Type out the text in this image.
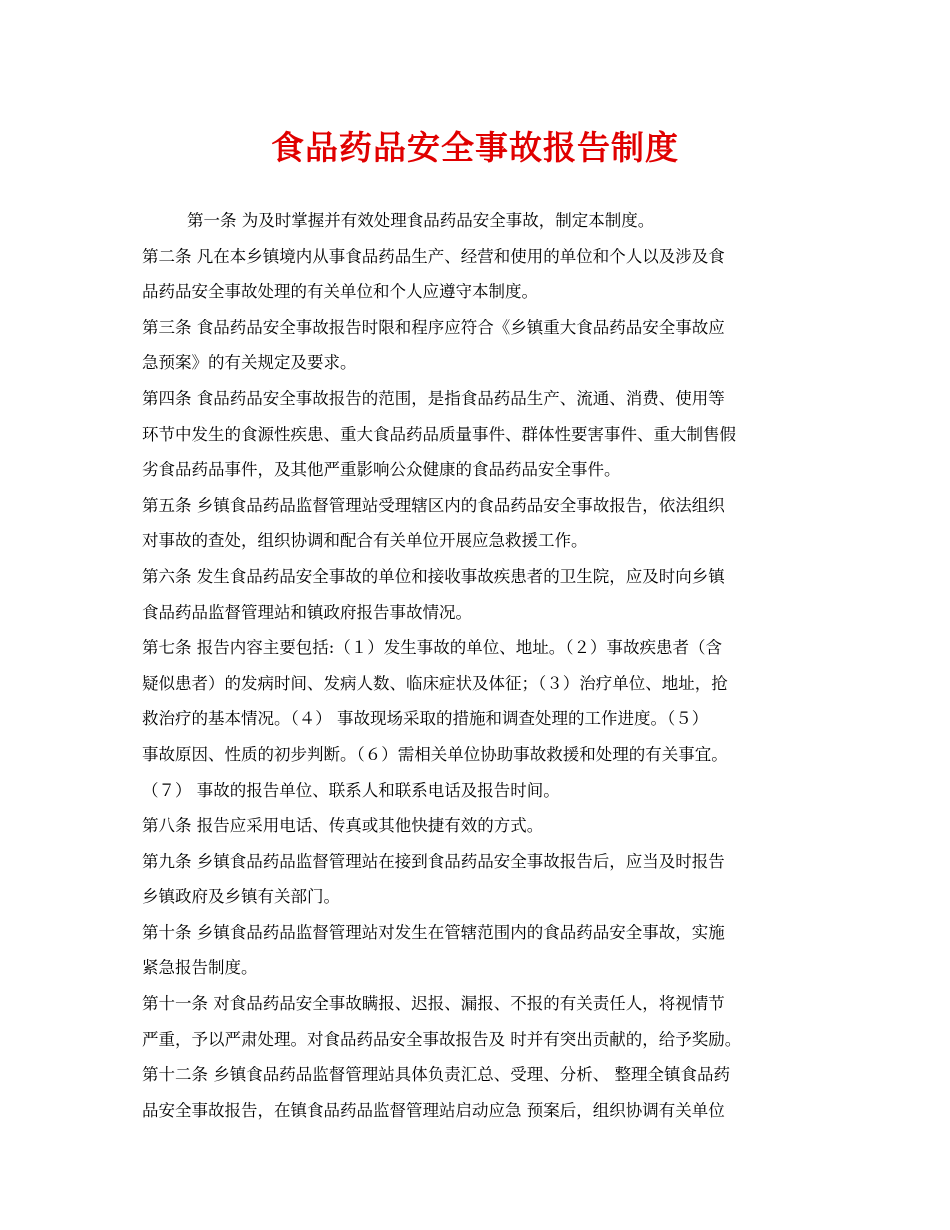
食品药品安全事故报告制度
第一条 为及时掌握并有效处理食品药品安全事故，制定本制度。
第二条 凡在本乡镇境内从事食品药品生产、经营和使用的单位和个人以及涉及食
品药品安全事故处理的有关单位和个人应遵守本制度。
第三条 食品药品安全事故报告时限和程序应符合《乡镇重大食品药品安全事故应
急预案》的有关规定及要求。
第四条 食品药品安全事故报告的范围，是指食品药品生产、流通、消费、使用等
环节中发生的食源性疾患、重大食品药品质量事件、群体性要害事件、重大制售假
劣食品药品事件，及其他严重影响公众健康的食品药品安全事件。
第五条 乡镇食品药品监督管理站受理辖区内的食品药品安全事故报告，依法组织
对事故的查处，组织协调和配合有关单位开展应急救援工作。
第六条 发生食品药品安全事故的单位和接收事故疾患者的卫生院，应及时向乡镇
食品药品监督管理站和镇政府报告事故情况。
第七条 报告内容主要包括:（１）发生事故的单位、地址。（２）事故疾患者（含
疑似患者）的发病时间、发病人数、临床症状及体征；（３）治疗单位、地址，抢
救治疗的基本情况。（４） 事故现场采取的措施和调查处理的工作进度。（５）
事故原因、性质的初步判断。（６）需相关单位协助事故救援和处理的有关事宜。
（７） 事故的报告单位、联系人和联系电话及报告时间。
第八条 报告应采用电话、传真或其他快捷有效的方式。
第九条 乡镇食品药品监督管理站在接到食品药品安全事故报告后，应当及时报告
乡镇政府及乡镇有关部门。
第十条 乡镇食品药品监督管理站对发生在管辖范围内的食品药品安全事故，实施
紧急报告制度。
第十一条 对食品药品安全事故瞒报、迟报、漏报、不报的有关责任人，将视情节
严重，予以严肃处理。对食品药品安全事故报告及 时并有突出贡献的，给予奖励。
第十二条 乡镇食品药品监督管理站具体负责汇总、受理、分析、 整理全镇食品药
品安全事故报告，在镇食品药品监督管理站启动应急 预案后，组织协调有关单位
